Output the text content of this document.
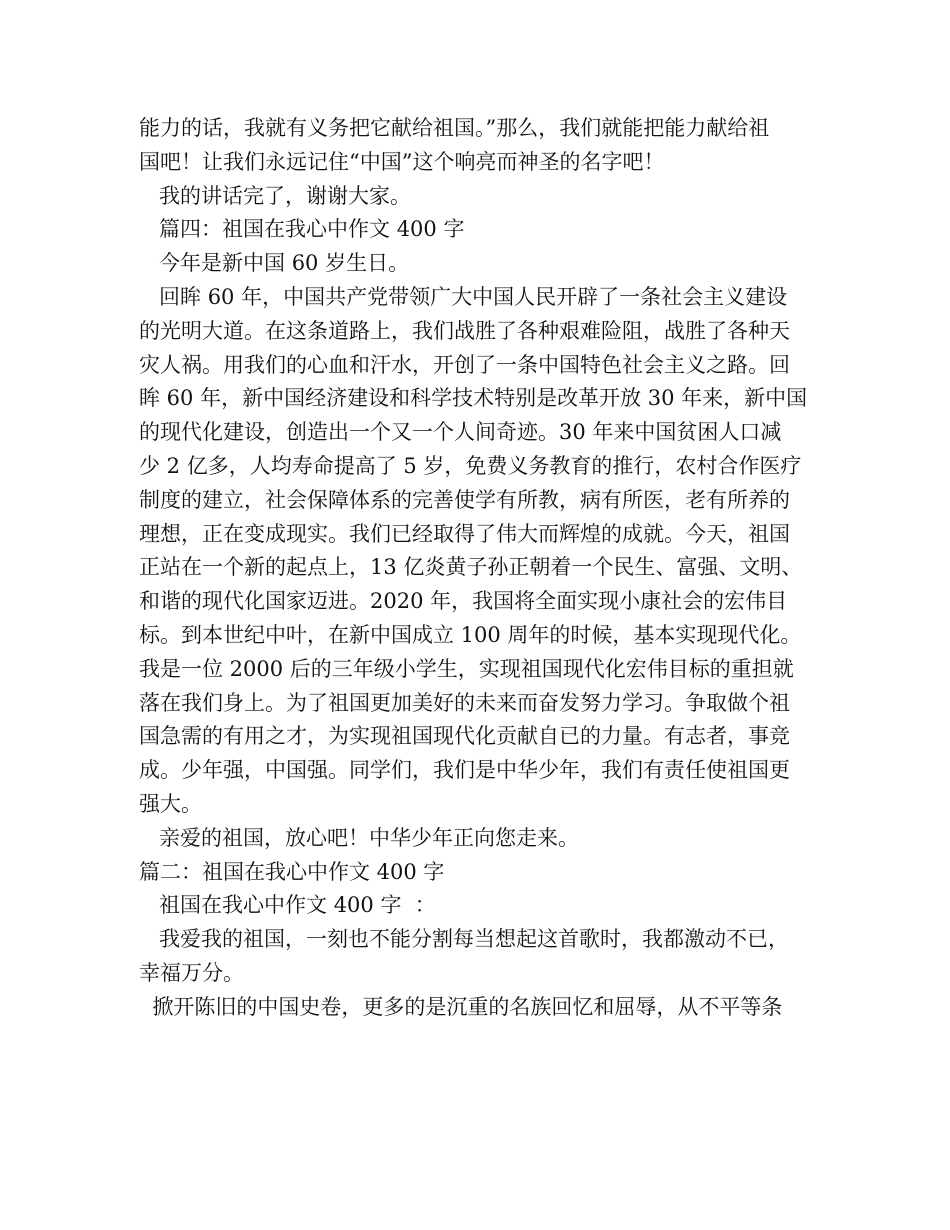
能力的话，我就有义务把它献给祖国。”那么，我们就能把能力献给祖
国吧！让我们永远记住“中国”这个响亮而神圣的名字吧！
我的讲话完了，谢谢大家。
篇四：祖国在我心中作文 400 字
今年是新中国 60 岁生日。
回眸 60 年，中国共产党带领广大中国人民开辟了一条社会主义建设
的光明大道。在这条道路上，我们战胜了各种艰难险阻，战胜了各种天
灾人祸。用我们的心血和汗水，开创了一条中国特色社会主义之路。回
眸 60 年，新中国经济建设和科学技术特别是改革开放 30 年来，新中国
的现代化建设，创造出一个又一个人间奇迹。30 年来中国贫困人口减
少 2 亿多，人均寿命提高了 5 岁，免费义务教育的推行，农村合作医疗
制度的建立，社会保障体系的完善使学有所教，病有所医，老有所养的
理想，正在变成现实。我们已经取得了伟大而辉煌的成就。今天，祖国
正站在一个新的起点上，13 亿炎黄子孙正朝着一个民生、富强、文明、
和谐的现代化国家迈进。2020 年，我国将全面实现小康社会的宏伟目
标。到本世纪中叶，在新中国成立 100 周年的时候，基本实现现代化。
我是一位 2000 后的三年级小学生，实现祖国现代化宏伟目标的重担就
落在我们身上。为了祖国更加美好的未来而奋发努力学习。争取做个祖
国急需的有用之才，为实现祖国现代化贡献自已的力量。有志者，事竞
成。少年强，中国强。同学们，我们是中华少年，我们有责任使祖国更
强大。
亲爱的祖国，放心吧！中华少年正向您走来。
篇二：祖国在我心中作文 400 字
祖国在我心中作文 400 字  ：
我爱我的祖国，一刻也不能分割每当想起这首歌时，我都激动不已，
幸福万分。
掀开陈旧的中国史卷，更多的是沉重的名族回忆和屈辱，从不平等条
